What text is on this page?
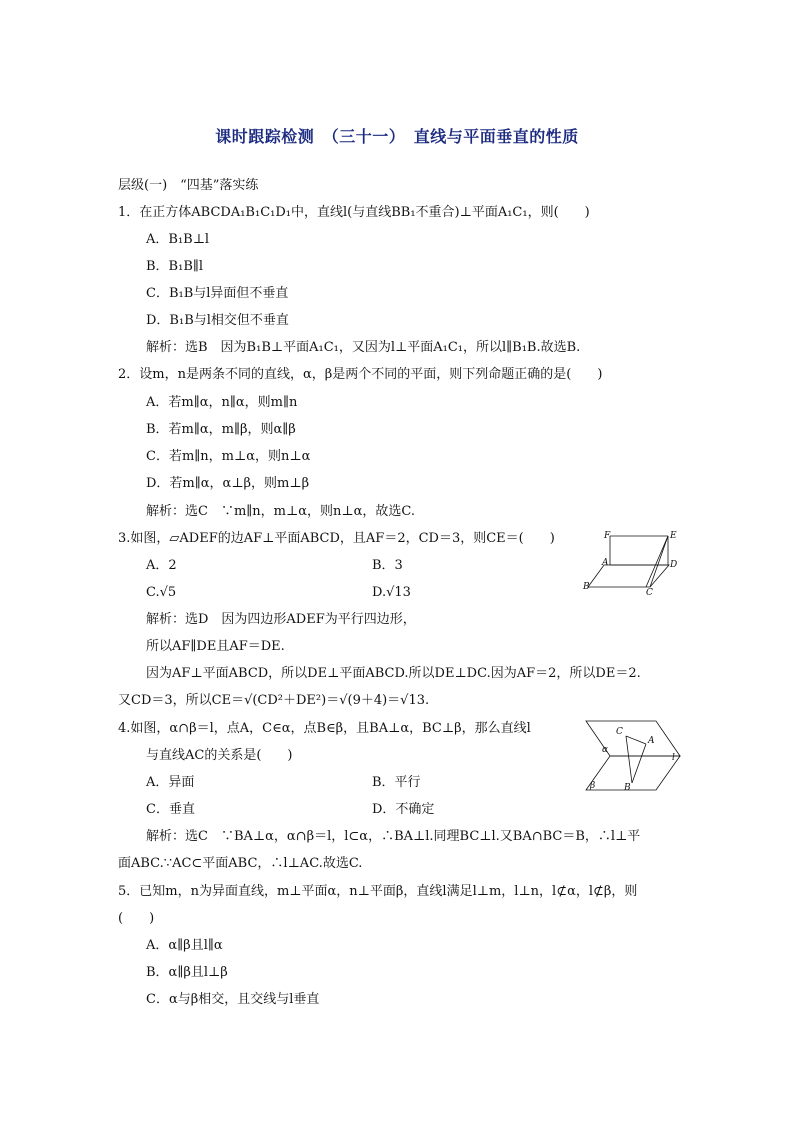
课时跟踪检测　（三十一）　直线与平面垂直的性质
层级(一)　“四基”落实练
1．在正方体ABCDA₁B₁C₁D₁中，直线l(与直线BB₁不重合)⊥平面A₁C₁，则(　　)
A．B₁B⊥l
B．B₁B∥l
C．B₁B与l异面但不垂直
D．B₁B与l相交但不垂直
解析：选B　因为B₁B⊥平面A₁C₁，又因为l⊥平面A₁C₁，所以l∥B₁B.故选B.
2．设m，n是两条不同的直线，α，β是两个不同的平面，则下列命题正确的是(　　)
A．若m∥α，n∥α，则m∥n
B．若m∥α，m∥β，则α∥β
C．若m∥n，m⊥α，则n⊥α
D．若m∥α，α⊥β，则m⊥β
解析：选C　∵m∥n，m⊥α，则n⊥α，故选C.
3.如图，▱ADEF的边AF⊥平面ABCD，且AF＝2，CD＝3，则CE＝(　　)
A．2	B．3
C.√5	D.√13
解析：选D　因为四边形ADEF为平行四边形，
所以AF∥DE且AF＝DE.
因为AF⊥平面ABCD，所以DE⊥平面ABCD.所以DE⊥DC.因为AF＝2，所以DE＝2.
又CD＝3，所以CE＝√(CD²＋DE²)＝√(9＋4)＝√13.
F	E
A	D
B
C
4.如图，α∩β＝l，点A，C∈α，点B∈β，且BA⊥α，BC⊥β，那么直线l
与直线AC的关系是(　　)
A．异面	B．平行
C．垂直	D．不确定
解析：选C　∵BA⊥α，α∩β＝l，l⊂α，∴BA⊥l.同理BC⊥l.又BA∩BC＝B，∴l⊥平
面ABC.∵AC⊂平面ABC，∴l⊥AC.故选C.
C
A
α
l
β	B
5．已知m，n为异面直线，m⊥平面α，n⊥平面β，直线l满足l⊥m，l⊥n，l⊄α，l⊄β，则
(　　)
A．α∥β且l∥α
B．α∥β且l⊥β
C．α与β相交，且交线与l垂直
